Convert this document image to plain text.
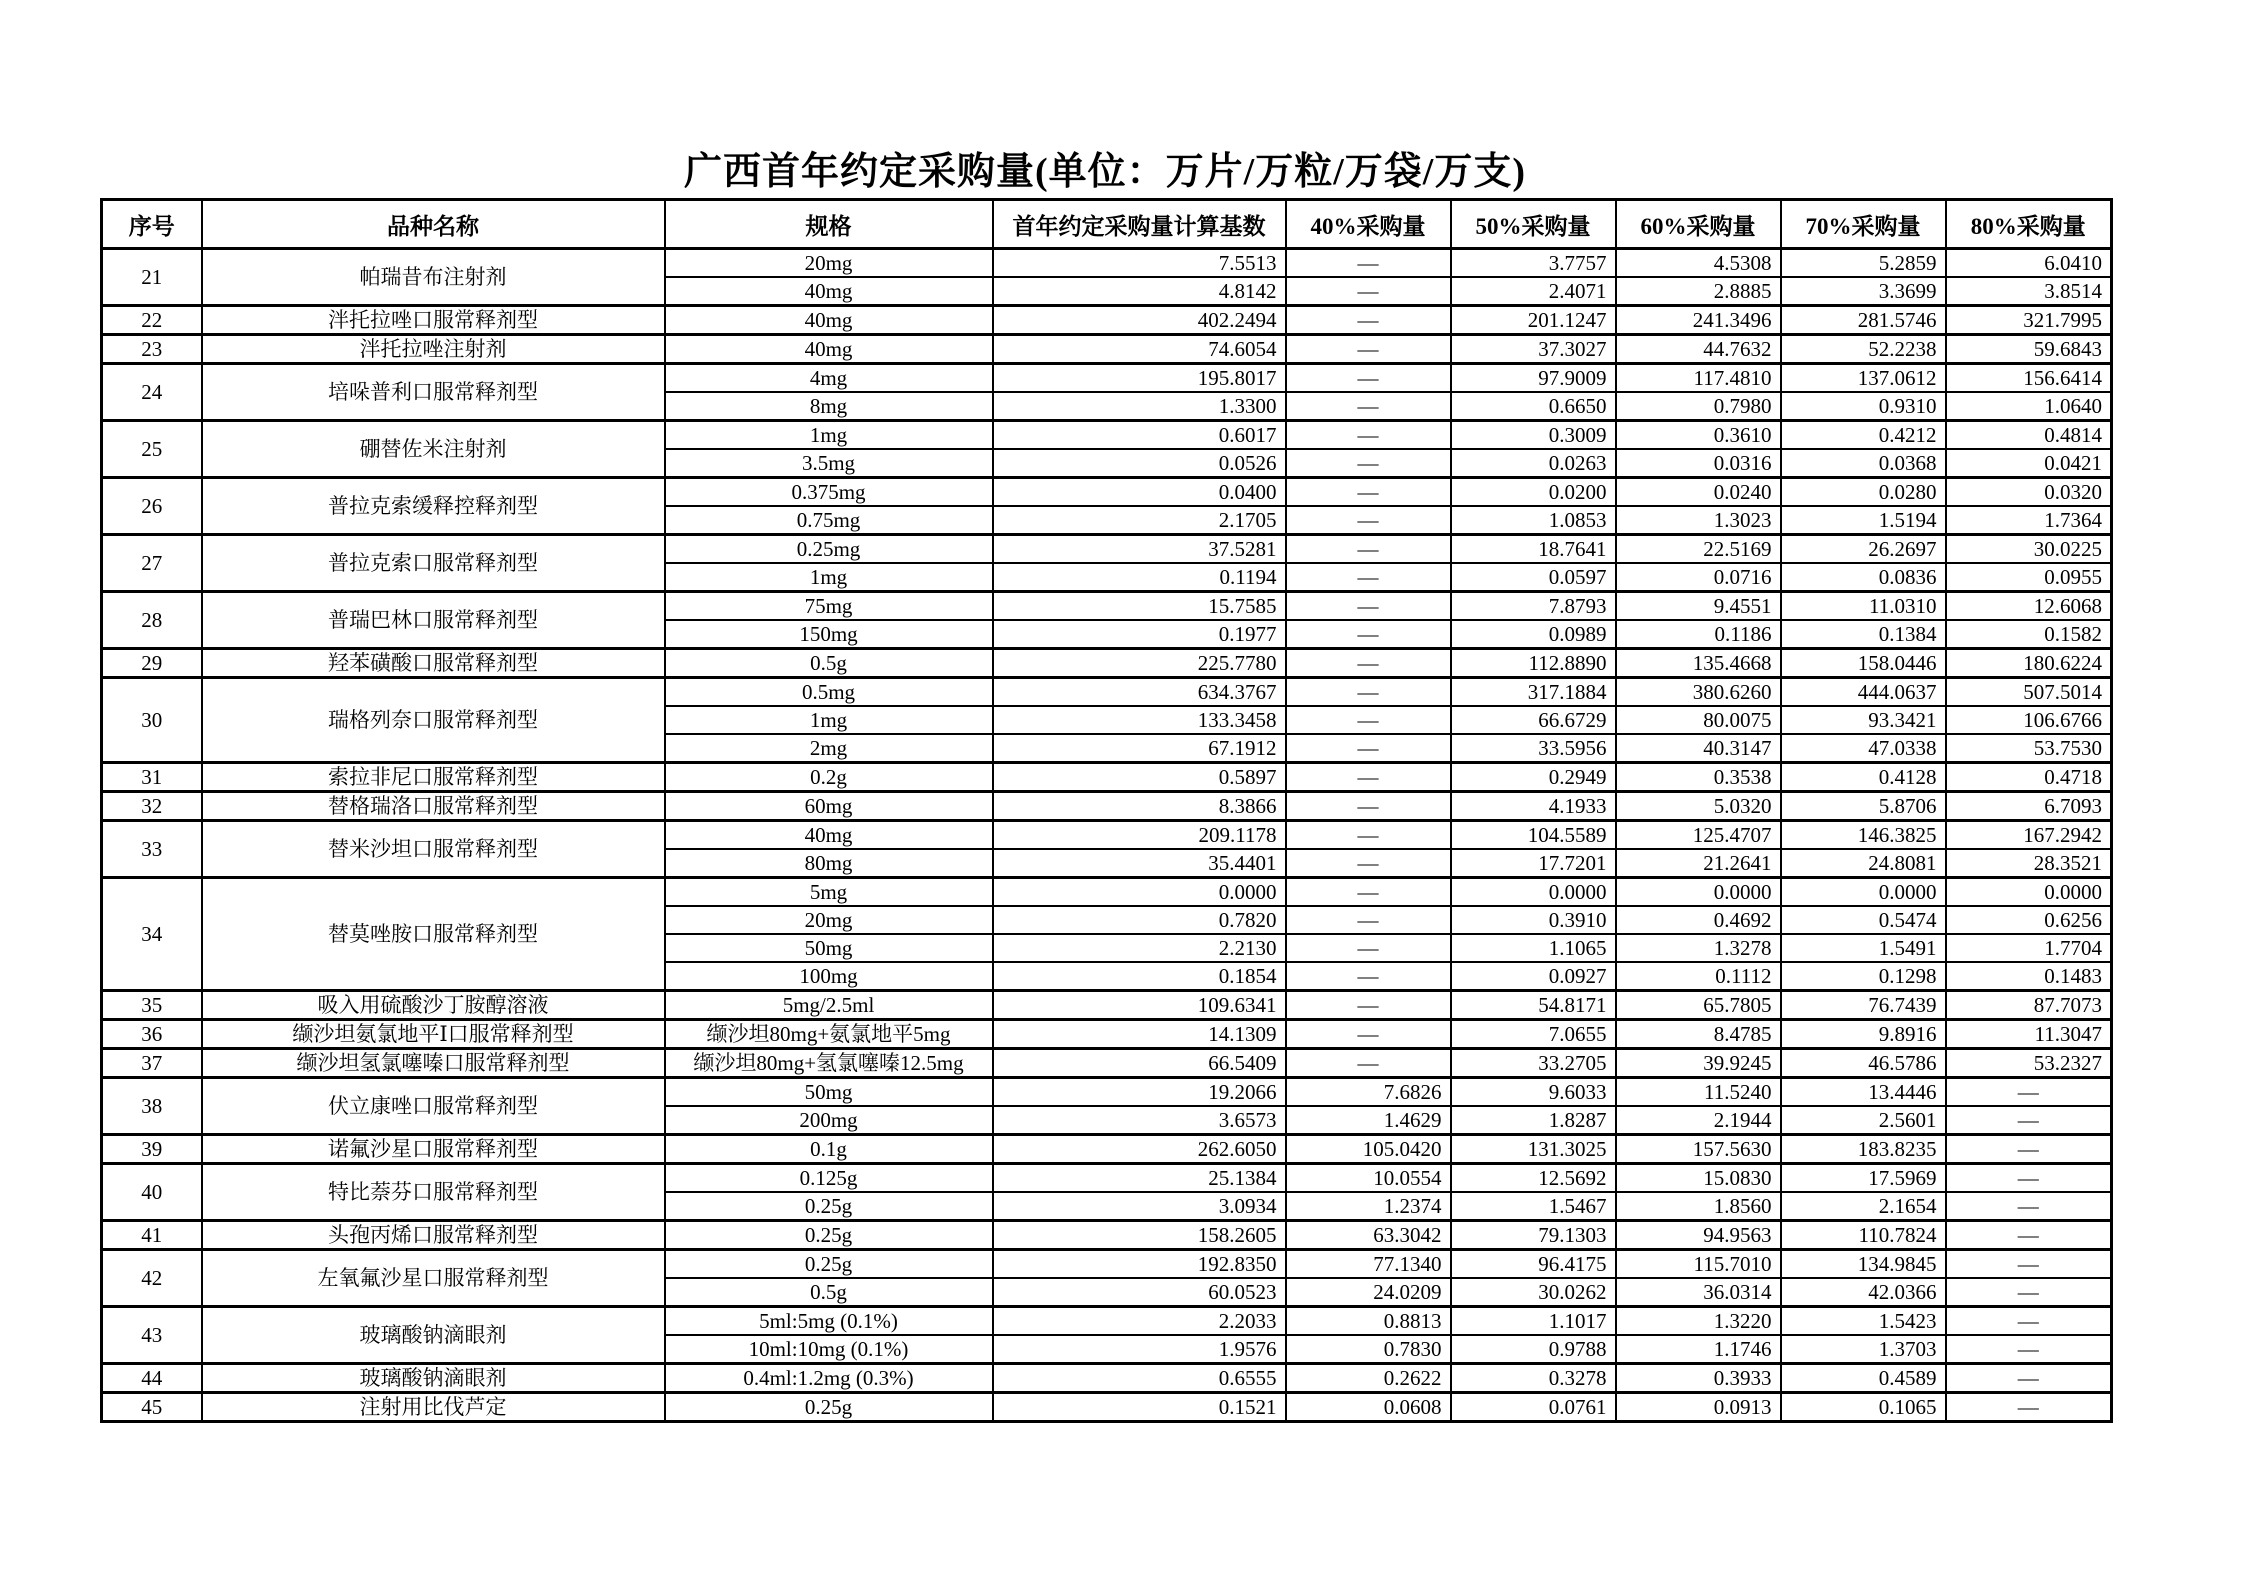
广西首年约定采购量(单位：万片/万粒/万袋/万支)
序号	品种名称	规格	首年约定采购量计算基数	40%采购量	50%采购量	60%采购量	70%采购量	80%采购量
21	帕瑞昔布注射剂	20mg	7.5513	—	3.7757	4.5308	5.2859	6.0410
		40mg	4.8142	—	2.4071	2.8885	3.3699	3.8514
22	泮托拉唑口服常释剂型	40mg	402.2494	—	201.1247	241.3496	281.5746	321.7995
23	泮托拉唑注射剂	40mg	74.6054	—	37.3027	44.7632	52.2238	59.6843
24	培哚普利口服常释剂型	4mg	195.8017	—	97.9009	117.4810	137.0612	156.6414
		8mg	1.3300	—	0.6650	0.7980	0.9310	1.0640
25	硼替佐米注射剂	1mg	0.6017	—	0.3009	0.3610	0.4212	0.4814
		3.5mg	0.0526	—	0.0263	0.0316	0.0368	0.0421
26	普拉克索缓释控释剂型	0.375mg	0.0400	—	0.0200	0.0240	0.0280	0.0320
		0.75mg	2.1705	—	1.0853	1.3023	1.5194	1.7364
27	普拉克索口服常释剂型	0.25mg	37.5281	—	18.7641	22.5169	26.2697	30.0225
		1mg	0.1194	—	0.0597	0.0716	0.0836	0.0955
28	普瑞巴林口服常释剂型	75mg	15.7585	—	7.8793	9.4551	11.0310	12.6068
		150mg	0.1977	—	0.0989	0.1186	0.1384	0.1582
29	羟苯磺酸口服常释剂型	0.5g	225.7780	—	112.8890	135.4668	158.0446	180.6224
30	瑞格列奈口服常释剂型	0.5mg	634.3767	—	317.1884	380.6260	444.0637	507.5014
		1mg	133.3458	—	66.6729	80.0075	93.3421	106.6766
		2mg	67.1912	—	33.5956	40.3147	47.0338	53.7530
31	索拉非尼口服常释剂型	0.2g	0.5897	—	0.2949	0.3538	0.4128	0.4718
32	替格瑞洛口服常释剂型	60mg	8.3866	—	4.1933	5.0320	5.8706	6.7093
33	替米沙坦口服常释剂型	40mg	209.1178	—	104.5589	125.4707	146.3825	167.2942
		80mg	35.4401	—	17.7201	21.2641	24.8081	28.3521
34	替莫唑胺口服常释剂型	5mg	0.0000	—	0.0000	0.0000	0.0000	0.0000
		20mg	0.7820	—	0.3910	0.4692	0.5474	0.6256
		50mg	2.2130	—	1.1065	1.3278	1.5491	1.7704
		100mg	0.1854	—	0.0927	0.1112	0.1298	0.1483
35	吸入用硫酸沙丁胺醇溶液	5mg/2.5ml	109.6341	—	54.8171	65.7805	76.7439	87.7073
36	缬沙坦氨氯地平Ⅰ口服常释剂型	缬沙坦80mg+氨氯地平5mg	14.1309	—	7.0655	8.4785	9.8916	11.3047
37	缬沙坦氢氯噻嗪口服常释剂型	缬沙坦80mg+氢氯噻嗪12.5mg	66.5409	—	33.2705	39.9245	46.5786	53.2327
38	伏立康唑口服常释剂型	50mg	19.2066	7.6826	9.6033	11.5240	13.4446	—
		200mg	3.6573	1.4629	1.8287	2.1944	2.5601	—
39	诺氟沙星口服常释剂型	0.1g	262.6050	105.0420	131.3025	157.5630	183.8235	—
40	特比萘芬口服常释剂型	0.125g	25.1384	10.0554	12.5692	15.0830	17.5969	—
		0.25g	3.0934	1.2374	1.5467	1.8560	2.1654	—
41	头孢丙烯口服常释剂型	0.25g	158.2605	63.3042	79.1303	94.9563	110.7824	—
42	左氧氟沙星口服常释剂型	0.25g	192.8350	77.1340	96.4175	115.7010	134.9845	—
		0.5g	60.0523	24.0209	30.0262	36.0314	42.0366	—
43	玻璃酸钠滴眼剂	5ml:5mg (0.1%)	2.2033	0.8813	1.1017	1.3220	1.5423	—
		10ml:10mg (0.1%)	1.9576	0.7830	0.9788	1.1746	1.3703	—
44	玻璃酸钠滴眼剂	0.4ml:1.2mg (0.3%)	0.6555	0.2622	0.3278	0.3933	0.4589	—
45	注射用比伐芦定	0.25g	0.1521	0.0608	0.0761	0.0913	0.1065	—
